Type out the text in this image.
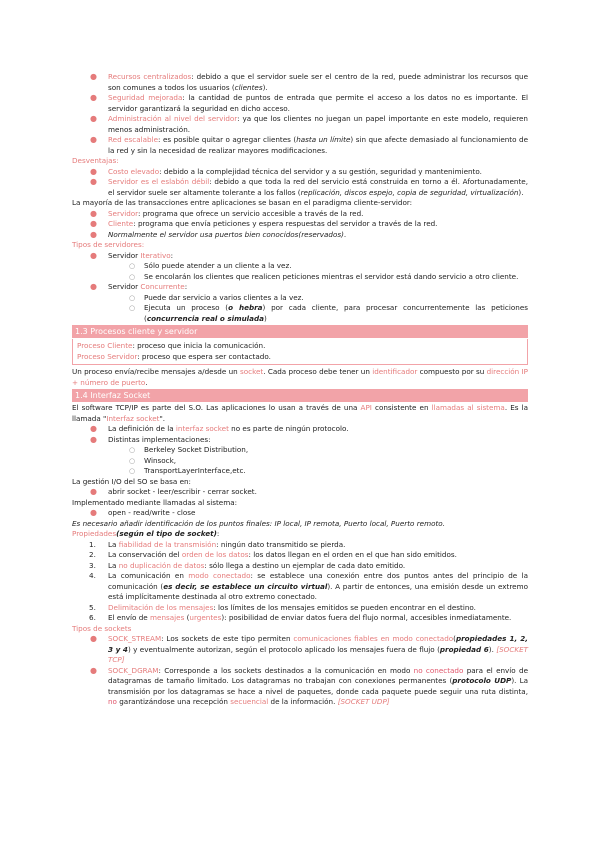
● Recursos centralizados: debido a que el servidor suele ser el centro de la red, puede administrar los recursos que son comunes a todos los usuarios (clientes).
● Seguridad mejorada: la cantidad de puntos de entrada que permite el acceso a los datos no es importante. El servidor garantizará la seguridad en dicho acceso.
● Administración al nivel del servidor: ya que los clientes no juegan un papel importante en este modelo, requieren menos administración.
● Red escalable: es posible quitar o agregar clientes (hasta un límite) sin que afecte demasiado al funcionamiento de la red y sin la necesidad de realizar mayores modificaciones.
Desventajas:
● Costo elevado: debido a la complejidad técnica del servidor y a su gestión, seguridad y mantenimiento.
● Servidor es el eslabón débil: debido a que toda la red del servicio está construida en torno a él. Afortunadamente, el servidor suele ser altamente tolerante a los fallos (replicación, discos espejo, copia de seguridad, virtualización).
La mayoría de las transacciones entre aplicaciones se basan en el paradigma cliente-servidor:
● Servidor: programa que ofrece un servicio accesible a través de la red.
● Cliente: programa que envía peticiones y espera respuestas del servidor a través de la red.
● Normalmente el servidor usa puertos bien conocidos(reservados).
Tipos de servidores:
● Servidor Iterativo:
○ Sólo puede atender a un cliente a la vez.
○ Se encolarán los clientes que realicen peticiones mientras el servidor está dando servicio a otro cliente.
● Servidor Concurrente:
○ Puede dar servicio a varios clientes a la vez.
○ Ejecuta un proceso (o hebra) por cada cliente, para procesar concurrentemente las peticiones (concurrencia real o simulada)
1.3 Procesos cliente y servidor
Proceso Cliente: proceso que inicia la comunicación.
Proceso Servidor: proceso que espera ser contactado.
Un proceso envía/recibe mensajes a/desde un socket. Cada proceso debe tener un identificador compuesto por su dirección IP + número de puerto.
1.4 Interfaz Socket
El software TCP/IP es parte del S.O. Las aplicaciones lo usan a través de una API consistente en llamadas al sistema. Es la llamada "Interfaz socket".
● La definición de la interfaz socket no es parte de ningún protocolo.
● Distintas implementaciones:
○ Berkeley Socket Distribution,
○ Winsock,
○ TransportLayerInterface,etc.
La gestión I/O del SO se basa en:
● abrir socket - leer/escribir - cerrar socket.
Implementado mediante llamadas al sistema:
● open - read/write - close
Es necesario añadir identificación de los puntos finales: IP local, IP remota, Puerto local, Puerto remoto.
Propiedades(según el tipo de socket):
1. La fiabilidad de la transmisión: ningún dato transmitido se pierda.
2. La conservación del orden de los datos: los datos llegan en el orden en el que han sido emitidos.
3. La no duplicación de datos: sólo llega a destino un ejemplar de cada dato emitido.
4. La comunicación en modo conectado: se establece una conexión entre dos puntos antes del principio de la comunicación (es decir, se establece un circuito virtual). A partir de entonces, una emisión desde un extremo está implícitamente destinada al otro extremo conectado.
5. Delimitación de los mensajes: los límites de los mensajes emitidos se pueden encontrar en el destino.
6. El envío de mensajes (urgentes): posibilidad de enviar datos fuera del flujo normal, accesibles inmediatamente.
Tipos de sockets
● SOCK_STREAM: Los sockets de este tipo permiten comunicaciones fiables en modo conectado(propiedades 1, 2, 3 y 4) y eventualmente autorizan, según el protocolo aplicado los mensajes fuera de flujo (propiedad 6). [SOCKET TCP]
● SOCK_DGRAM: Corresponde a los sockets destinados a la comunicación en modo no conectado para el envío de datagramas de tamaño limitado. Los datagramas no trabajan con conexiones permanentes (protocolo UDP). La transmisión por los datagramas se hace a nivel de paquetes, donde cada paquete puede seguir una ruta distinta, no garantizándose una recepción secuencial de la información. [SOCKET UDP]
